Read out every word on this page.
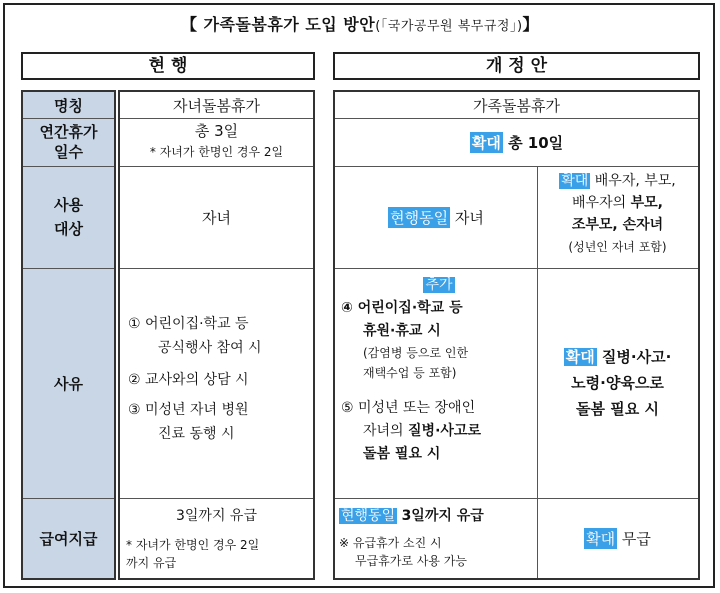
【 가족돌봄휴가 도입 방안(「국가공무원 복무규정」)】
현 행	개 정 안
명칭
연간휴가
일수
사용
대상
사유
급여지급
자녀돌봄휴가

총 3일

* 자녀가 한명인 경우 2일

자녀

① 어린이집·학교 등

공식행사 참여 시

② 교사와의 상담 시

③ 미성년 자녀 병원

진료 동행 시

3일까지 유급

* 자녀가 한명인 경우 2일

까지 유급

가족돌봄휴가
확대
총 10일
현행동일
자녀

확대 배우자, 부모,

배우자의 부모,

조부모, 손자녀

(성년인 자녀 포함)

추가

④ 어린이집·학교 등

휴원·휴교 시

(감염병 등으로 인한

재택수업 등 포함)

⑤ 미성년 또는 장애인

자녀의 질병·사고로

돌봄 필요 시

확대 질병·사고·

노령·양육으로

돌봄 필요 시

현행동일 3일까지 유급

※ 유급휴가 소진 시

무급휴가로 사용 가능

확대
무급
